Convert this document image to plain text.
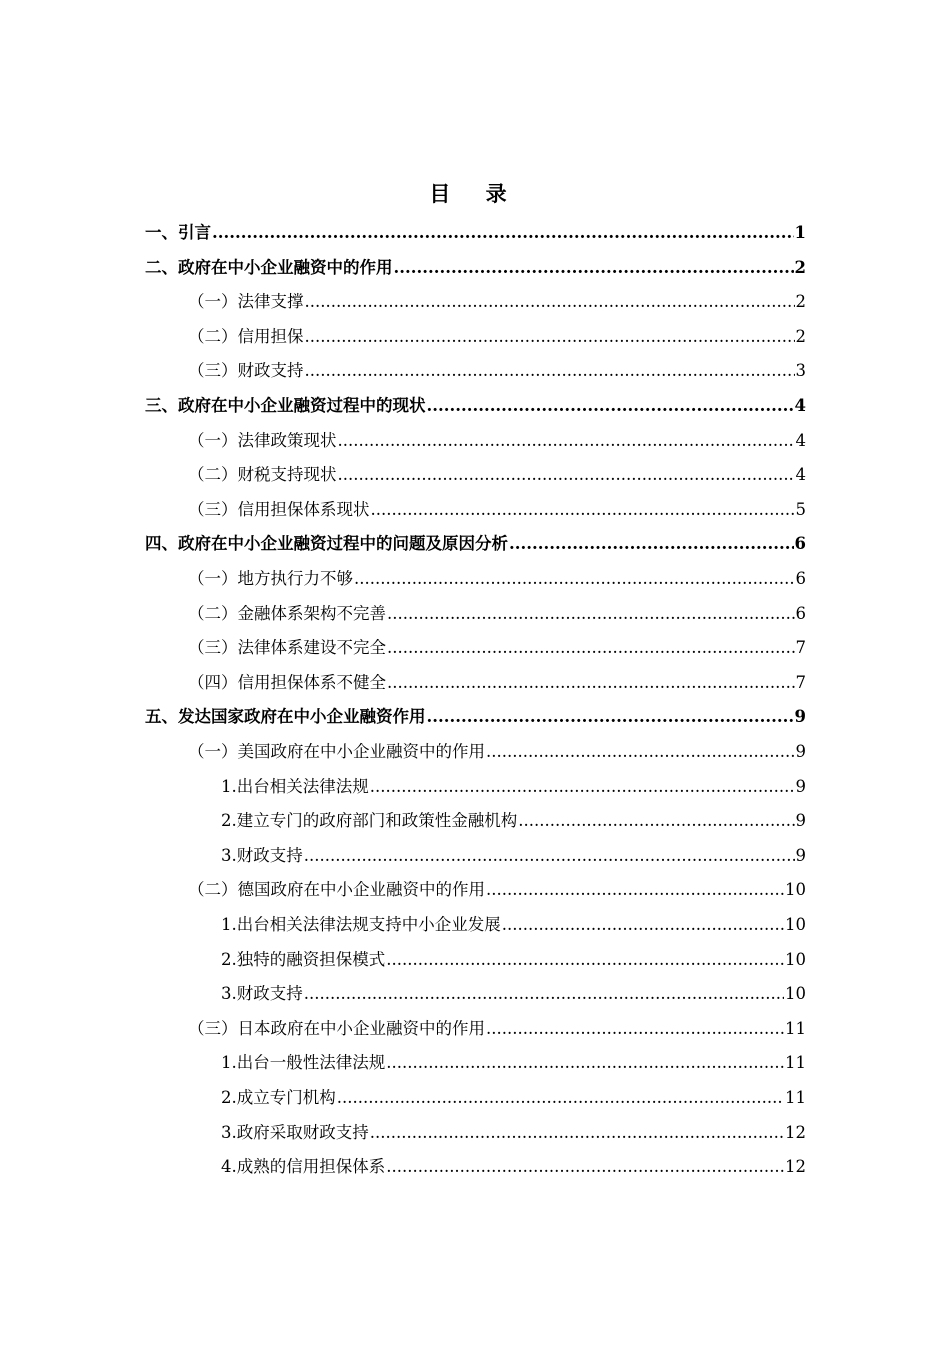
目 录
一、引言 .....	1
二、政府在中小企业融资中的作用 .....	2
（一）法律支撑 .....	2
（二）信用担保 .....	2
（三）财政支持 .....	3
三、政府在中小企业融资过程中的现状 .....	4
（一）法律政策现状 .....	4
（二）财税支持现状 .....	4
（三）信用担保体系现状 .....	5
四、政府在中小企业融资过程中的问题及原因分析 .....	6
（一）地方执行力不够 .....	6
（二）金融体系架构不完善 .....	6
（三）法律体系建设不完全 .....	7
（四）信用担保体系不健全 .....	7
五、发达国家政府在中小企业融资作用 .....	9
（一）美国政府在中小企业融资中的作用 .....	9
1.出台相关法律法规 .....	9
2.建立专门的政府部门和政策性金融机构 .....	9
3.财政支持 .....	9
（二）德国政府在中小企业融资中的作用 .....	10
1.出台相关法律法规支持中小企业发展 .....	10
2.独特的融资担保模式 .....	10
3.财政支持 .....	10
（三）日本政府在中小企业融资中的作用 .....	11
1.出台一般性法律法规 .....	11
2.成立专门机构 .....	11
3.政府采取财政支持 .....	12
4.成熟的信用担保体系 .....	12
